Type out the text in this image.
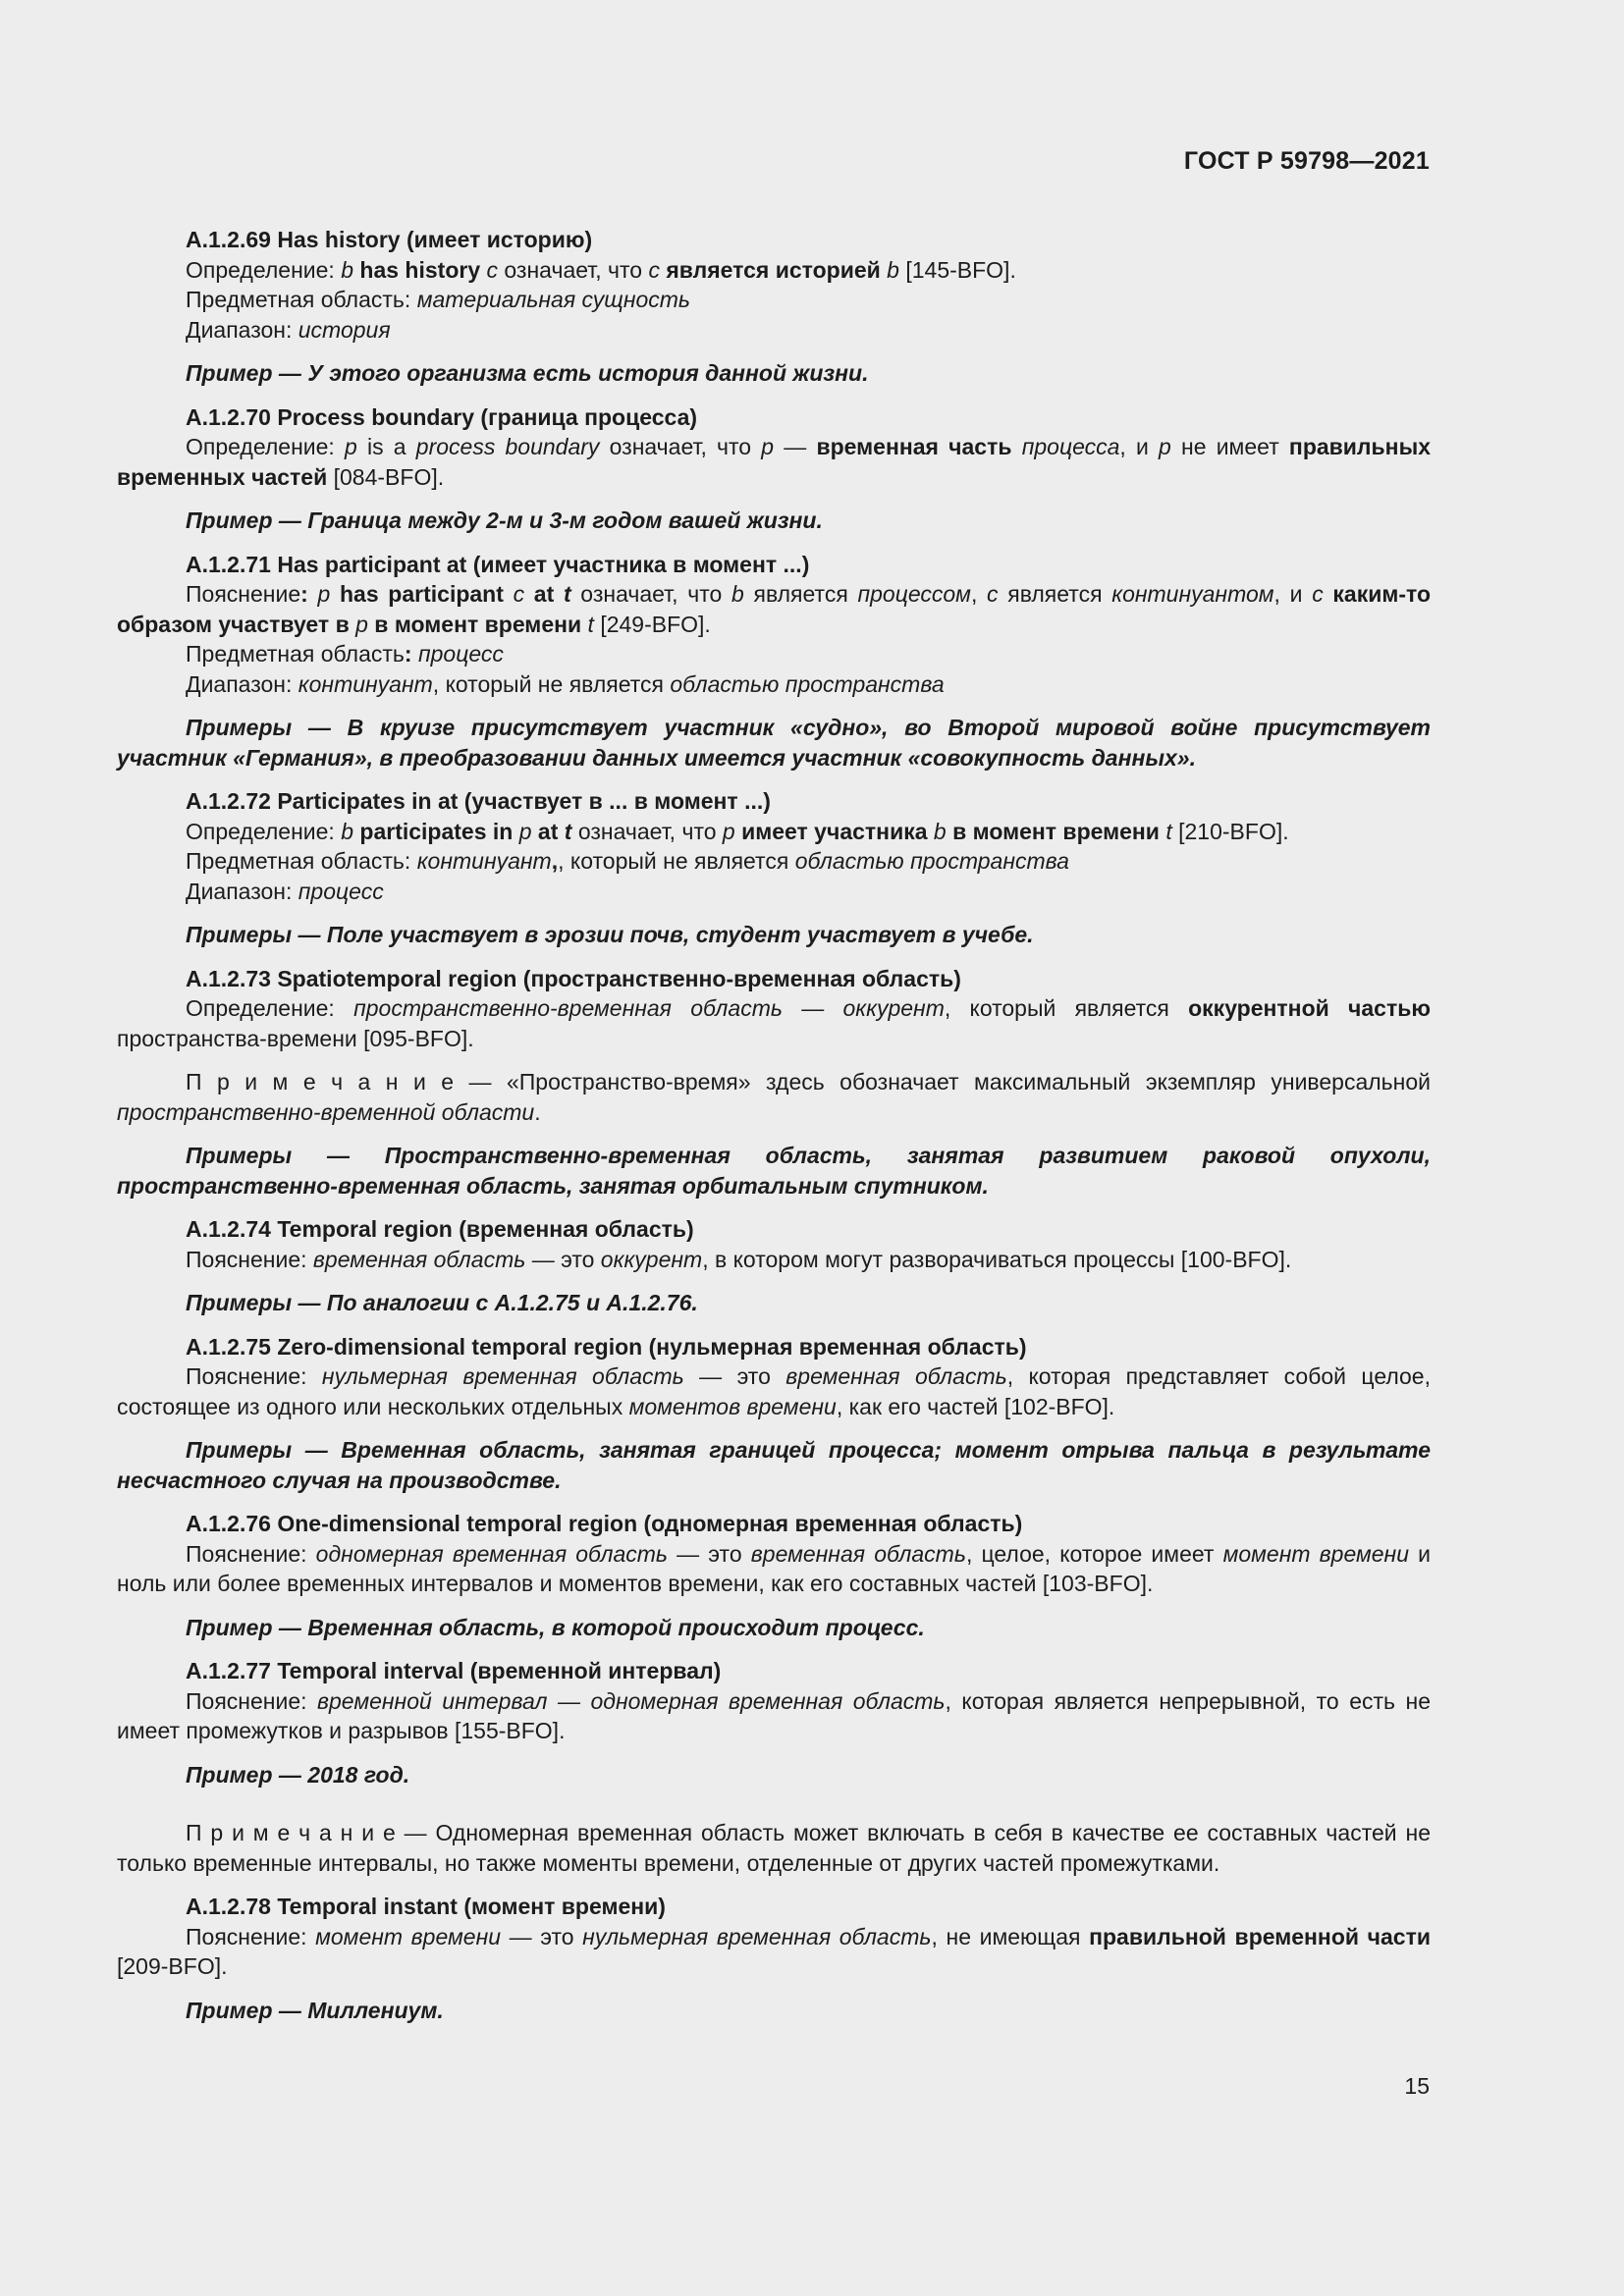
ГОСТ Р 59798—2021

А.1.2.69 Has history (имеет историю)

Определение: b has history c означает, что c является историей b [145-BFO].

Предметная область: материальная сущность

Диапазон: история

Пример — У этого организма есть история данной жизни.

А.1.2.70 Process boundary (граница процесса)

Определение: p is a process boundary означает, что p — временная часть процесса, и p не имеет правильных временных частей [084-BFO].

Пример — Граница между 2-м и 3-м годом вашей жизни.

А.1.2.71 Has participant at (имеет участника в момент ...)

Пояснение: p has participant c at t означает, что b является процессом, c является континуантом, и c каким-то образом участвует в p в момент времени t [249-BFO].

Предметная область: процесс

Диапазон: континуант, который не является областью пространства

Примеры — В круизе присутствует участник «судно», во Второй мировой войне присутствует участник «Германия», в преобразовании данных имеется участник «совокупность данных».

А.1.2.72 Participates in at (участвует в ... в момент ...)

Определение: b participates in p at t означает, что p имеет участника b в момент времени t [210-BFO].

Предметная область: континуант,, который не является областью пространства

Диапазон: процесс

Примеры — Поле участвует в эрозии почв, студент участвует в учебе.

А.1.2.73 Spatiotemporal region (пространственно-временная область)

Определение: пространственно-временная область — оккурент, который является оккурентной частью пространства-времени [095-BFO].

П р и м е ч а н и е — «Пространство-время» здесь обозначает максимальный экземпляр универсальной пространственно-временной области.

Примеры — Пространственно-временная область, занятая развитием раковой опухоли, пространственно-временная область, занятая орбитальным спутником.

А.1.2.74 Temporal region (временная область)

Пояснение: временная область — это оккурент, в котором могут разворачиваться процессы [100-BFO].

Примеры — По аналогии с А.1.2.75 и А.1.2.76.

А.1.2.75 Zero-dimensional temporal region (нульмерная временная область)

Пояснение: нульмерная временная область — это временная область, которая представляет собой целое, состоящее из одного или нескольких отдельных моментов времени, как его частей [102-BFO].

Примеры — Временная область, занятая границей процесса; момент отрыва пальца в результате несчастного случая на производстве.

А.1.2.76 One-dimensional temporal region (одномерная временная область)

Пояснение: одномерная временная область — это временная область, целое, которое имеет момент времени и ноль или более временных интервалов и моментов времени, как его составных частей [103-BFO].

Пример — Временная область, в которой происходит процесс.

А.1.2.77 Temporal interval (временной интервал)

Пояснение: временной интервал — одномерная временная область, которая является непрерывной, то есть не имеет промежутков и разрывов [155-BFO].

Пример — 2018 год.

П р и м е ч а н и е — Одномерная временная область может включать в себя в качестве ее составных частей не только временные интервалы, но также моменты времени, отделенные от других частей промежутками.

А.1.2.78 Temporal instant (момент времени)

Пояснение: момент времени — это нульмерная временная область, не имеющая правильной временной части [209-BFO].

Пример — Миллениум.

15
